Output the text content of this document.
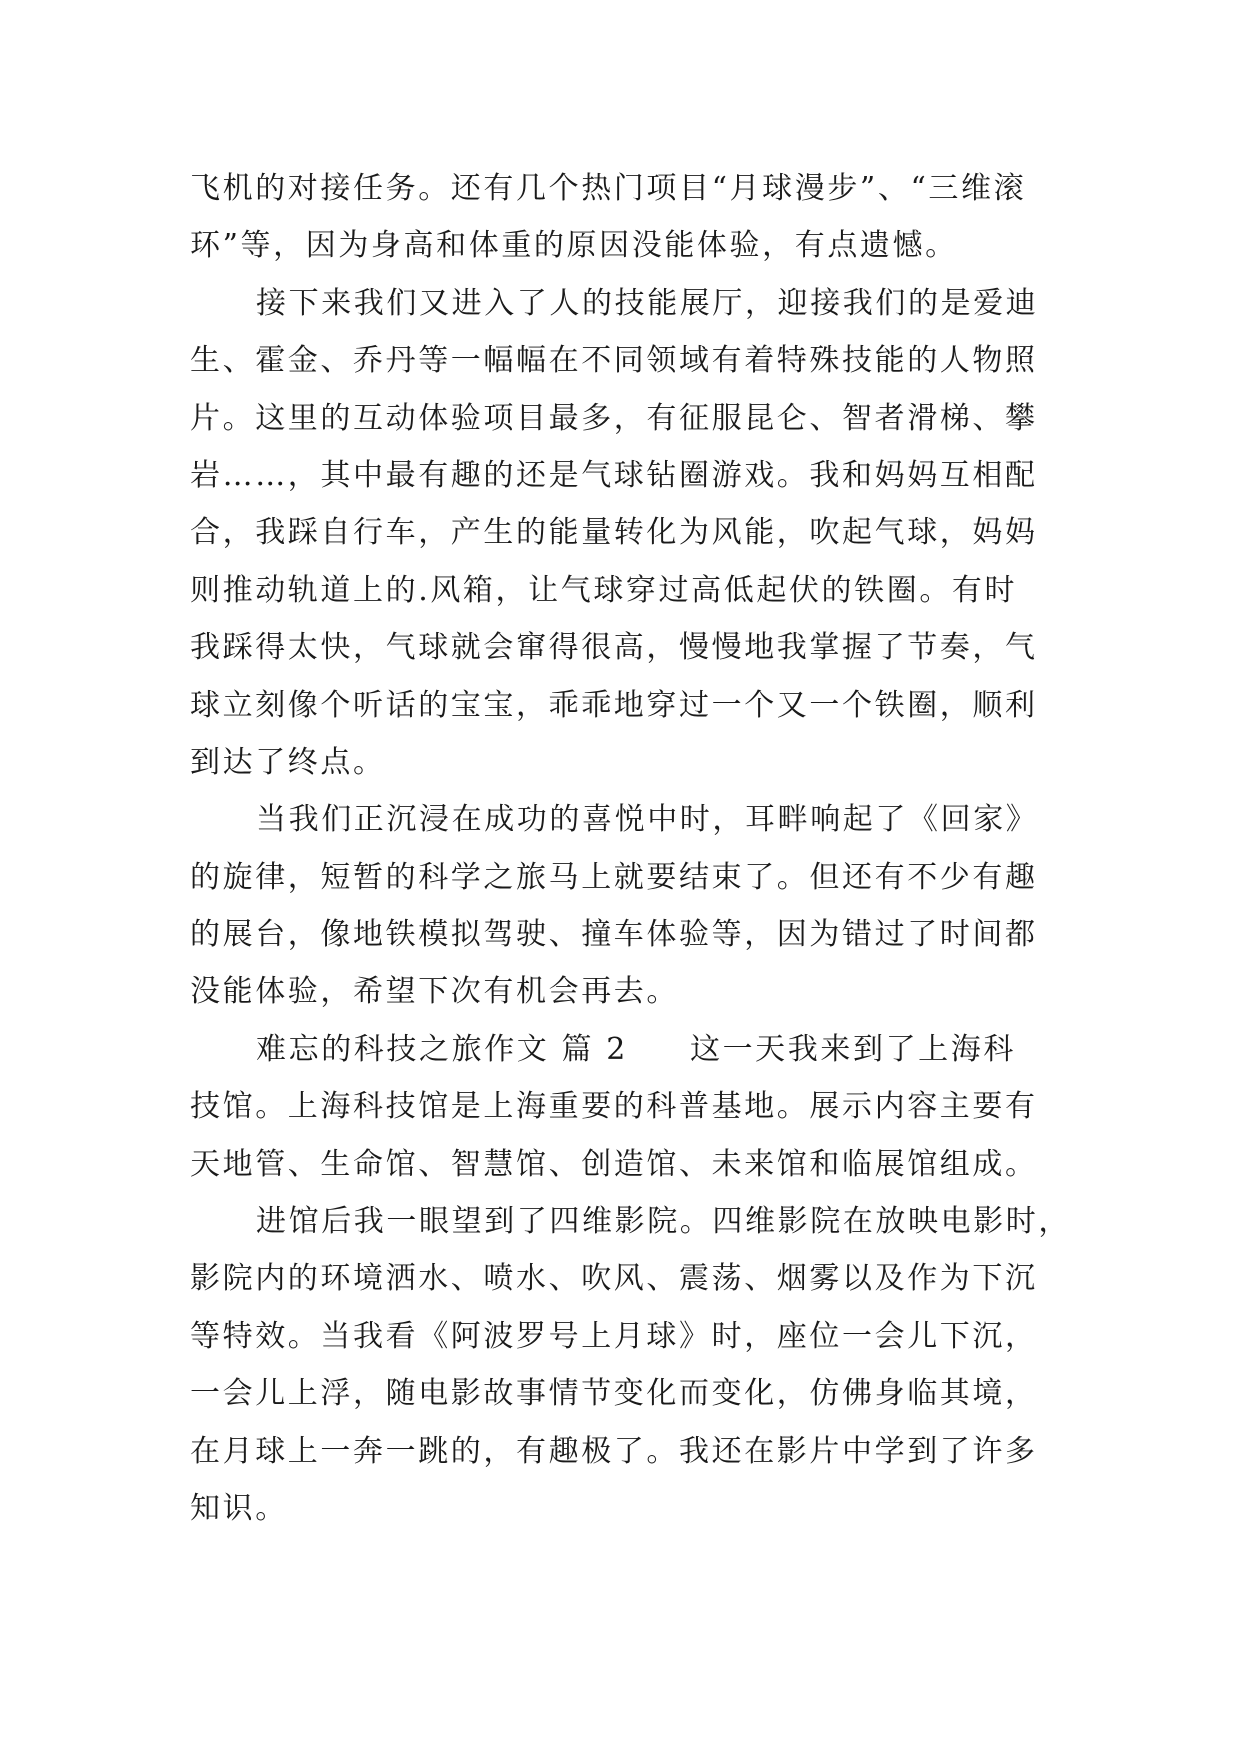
飞机的对接任务。还有几个热门项目“月球漫步”、“三维滚
环”等，因为身高和体重的原因没能体验，有点遗憾。
接下来我们又进入了人的技能展厅，迎接我们的是爱迪
生、霍金、乔丹等一幅幅在不同领域有着特殊技能的人物照
片。这里的互动体验项目最多，有征服昆仑、智者滑梯、攀
岩……，其中最有趣的还是气球钻圈游戏。我和妈妈互相配
合，我踩自行车，产生的能量转化为风能，吹起气球，妈妈
则推动轨道上的.风箱，让气球穿过高低起伏的铁圈。有时
我踩得太快，气球就会窜得很高，慢慢地我掌握了节奏，气
球立刻像个听话的宝宝，乖乖地穿过一个又一个铁圈，顺利
到达了终点。
当我们正沉浸在成功的喜悦中时，耳畔响起了《回家》
的旋律，短暂的科学之旅马上就要结束了。但还有不少有趣
的展台，像地铁模拟驾驶、撞车体验等，因为错过了时间都
没能体验，希望下次有机会再去。
难忘的科技之旅作文 篇 2 这一天我来到了上海科
技馆。上海科技馆是上海重要的科普基地。展示内容主要有
天地管、生命馆、智慧馆、创造馆、未来馆和临展馆组成。
进馆后我一眼望到了四维影院。四维影院在放映电影时，
影院内的环境洒水、喷水、吹风、震荡、烟雾以及作为下沉
等特效。当我看《阿波罗号上月球》时，座位一会儿下沉，
一会儿上浮，随电影故事情节变化而变化，仿佛身临其境，
在月球上一奔一跳的，有趣极了。我还在影片中学到了许多
知识。
